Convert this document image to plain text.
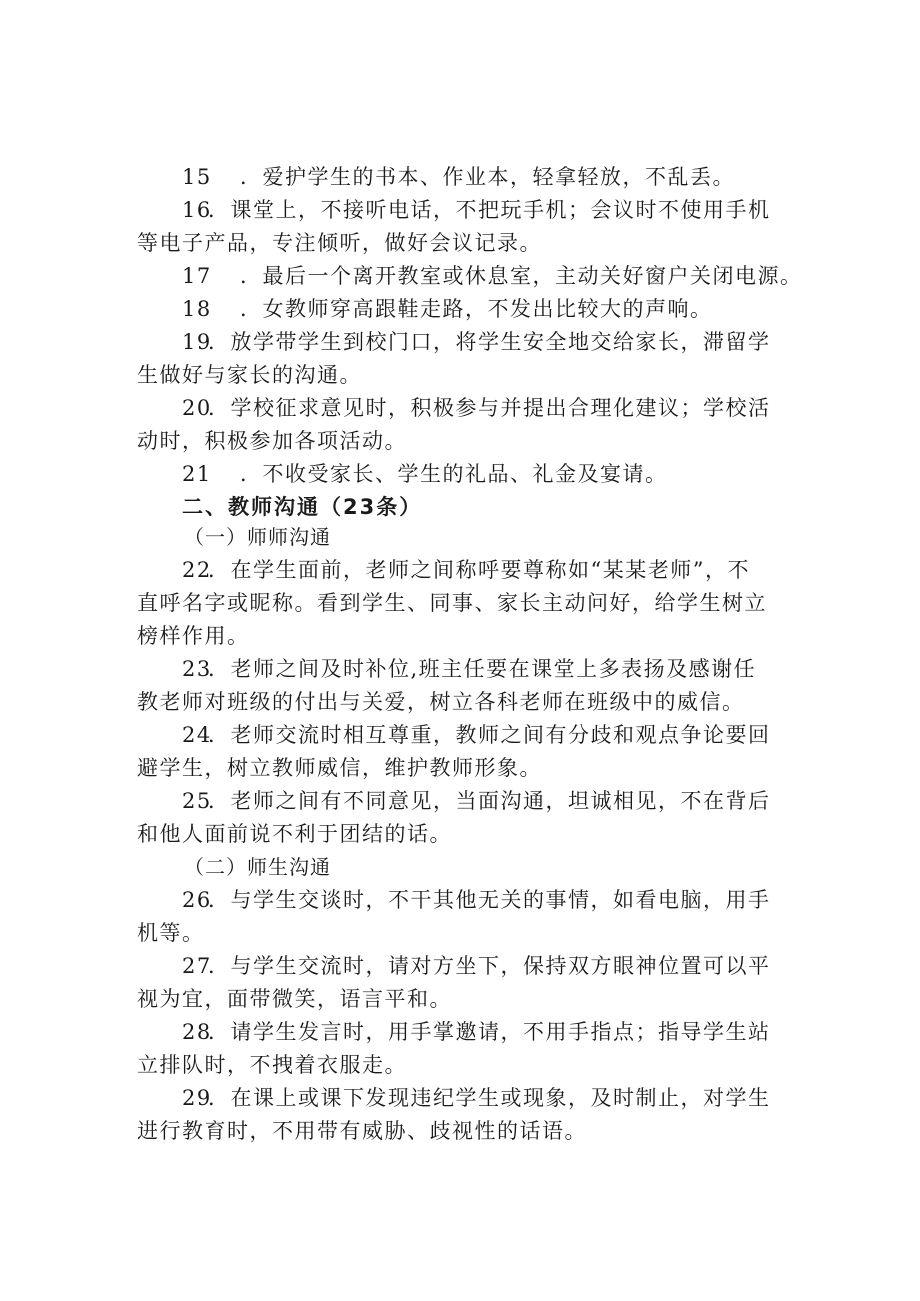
15 ．爱护学生的书本、作业本，轻拿轻放，不乱丢。
16．课堂上，不接听电话，不把玩手机；会议时不使用手机
等电子产品，专注倾听，做好会议记录。
17 ．最后一个离开教室或休息室，主动关好窗户关闭电源。
18 ．女教师穿高跟鞋走路，不发出比较大的声响。
19．放学带学生到校门口，将学生安全地交给家长，滞留学
生做好与家长的沟通。
20．学校征求意见时，积极参与并提出合理化建议；学校活
动时，积极参加各项活动。
21 ．不收受家长、学生的礼品、礼金及宴请。
二、教师沟通（23条）
（一）师师沟通
22．在学生面前，老师之间称呼要尊称如“某某老师”，不
直呼名字或昵称。看到学生、同事、家长主动问好，给学生树立
榜样作用。
23．老师之间及时补位,班主任要在课堂上多表扬及感谢任
教老师对班级的付出与关爱，树立各科老师在班级中的威信。
24．老师交流时相互尊重，教师之间有分歧和观点争论要回
避学生，树立教师威信，维护教师形象。
25．老师之间有不同意见，当面沟通，坦诚相见，不在背后
和他人面前说不利于团结的话。
（二）师生沟通
26．与学生交谈时，不干其他无关的事情，如看电脑，用手
机等。
27．与学生交流时，请对方坐下，保持双方眼神位置可以平
视为宜，面带微笑，语言平和。
28．请学生发言时，用手掌邀请，不用手指点；指导学生站
立排队时，不拽着衣服走。
29．在课上或课下发现违纪学生或现象，及时制止，对学生
进行教育时，不用带有威胁、歧视性的话语。
